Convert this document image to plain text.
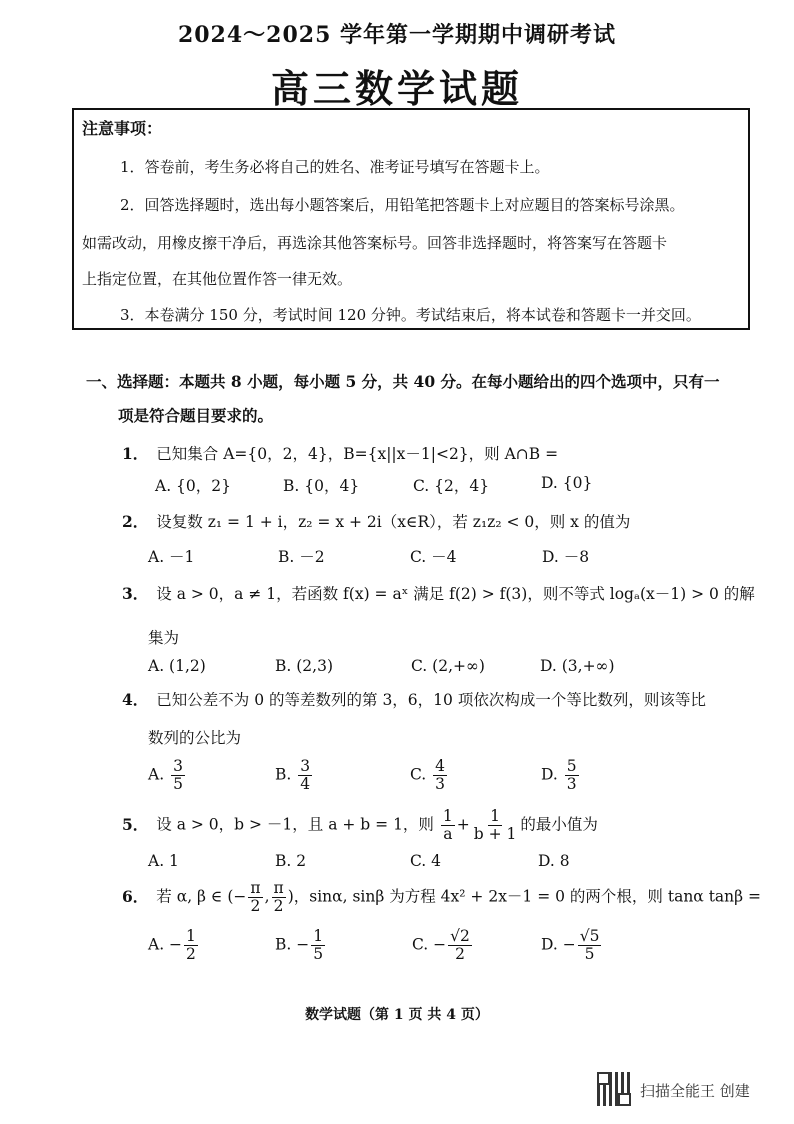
2024～2025 学年第一学期期中调研考试
高三数学试题
注意事项：
1．答卷前，考生务必将自己的姓名、准考证号填写在答题卡上。
2．回答选择题时，选出每小题答案后，用铅笔把答题卡上对应题目的答案标号涂黑。
如需改动，用橡皮擦干净后，再选涂其他答案标号。回答非选择题时，将答案写在答题卡
上指定位置，在其他位置作答一律无效。
3．本卷满分 150 分，考试时间 120 分钟。考试结束后，将本试卷和答题卡一并交回。
一、选择题：本题共 8 小题，每小题 5 分，共 40 分。在每小题给出的四个选项中，只有一
项是符合题目要求的。
1． 已知集合 A={0，2，4}，B={x||x－1|<2}，则 A∩B =
A. {0，2}	B. {0，4}	C. {2，4}	D. {0}
2． 设复数 z₁ = 1 + i，z₂ = x + 2i（x∈R），若 z₁z₂ < 0，则 x 的值为
A. －1	B. －2	C. －4	D. －8
3． 设 a > 0，a ≠ 1，若函数 f(x) = aˣ 满足 f(2) > f(3)，则不等式 logₐ(x－1) > 0 的解
集为
A. (1,2)	B. (2,3)	C. (2,+∞)	D. (3,+∞)
4． 已知公差不为 0 的等差数列的第 3，6，10 项依次构成一个等比数列，则该等比
数列的公比为
A. $\frac{3}{5}$	B. $\frac{3}{4}$	C. $\frac{4}{3}$	D. $\frac{5}{3}$
5． 设 a > 0，b > －1，且 a + b = 1，则 $\frac{1}{a} + \frac{1}{b + 1}$ 的最小值为
A. 1	B. 2	C. 4	D. 8
6． 若 α, β ∈ (− $\frac{\pi}{2}$ , $\frac{\pi}{2}$ )，sinα, sinβ 为方程 4x² + 2x－1 = 0 的两个根，则 tanα tanβ =
A. − $\frac{1}{2}$	B. − $\frac{1}{5}$	C. − $\frac{√2}{2}$	D. − $\frac{√5}{5}$
数学试题（第 1 页 共 4 页）
扫描全能王 创建
